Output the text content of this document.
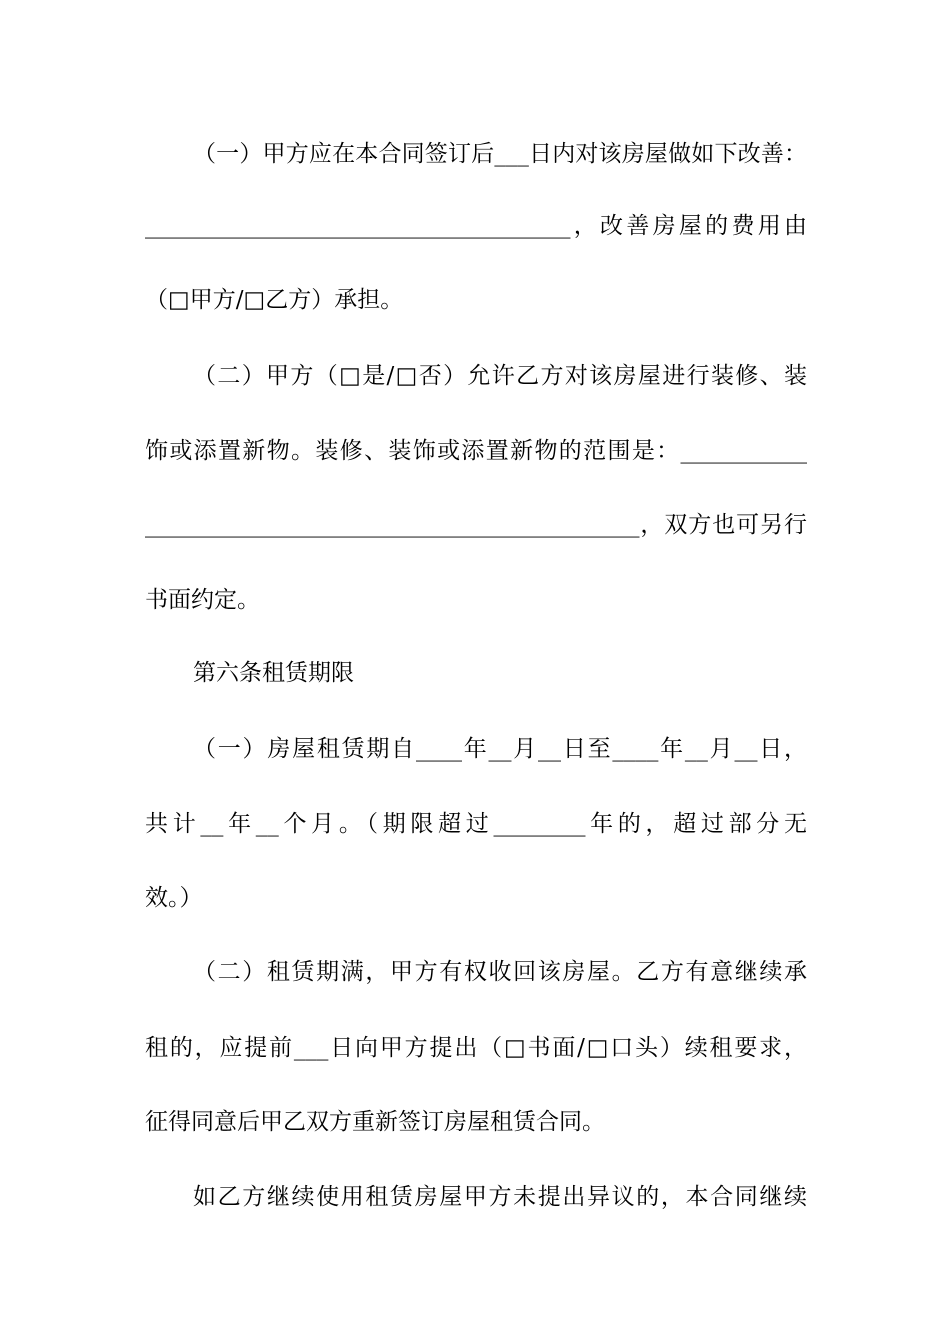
（一）甲方应在本合同签订后___日内对该房屋做如下改善：
_____________________________________，改善房屋的费用由
（□甲方/□乙方）承担。
（二）甲方（□是/□否）允许乙方对该房屋进行装修、装
饰或添置新物。装修、装饰或添置新物的范围是：___________
___________________________________________，双方也可另行
书面约定。
第六条租赁期限
（一）房屋租赁期自____年__月__日至____年__月__日，
共计__年__个月。（期限超过________年的，超过部分无
效。）
（二）租赁期满，甲方有权收回该房屋。乙方有意继续承
租的，应提前___日向甲方提出（□书面/□口头）续租要求，
征得同意后甲乙双方重新签订房屋租赁合同。
如乙方继续使用租赁房屋甲方未提出异议的，本合同继续
